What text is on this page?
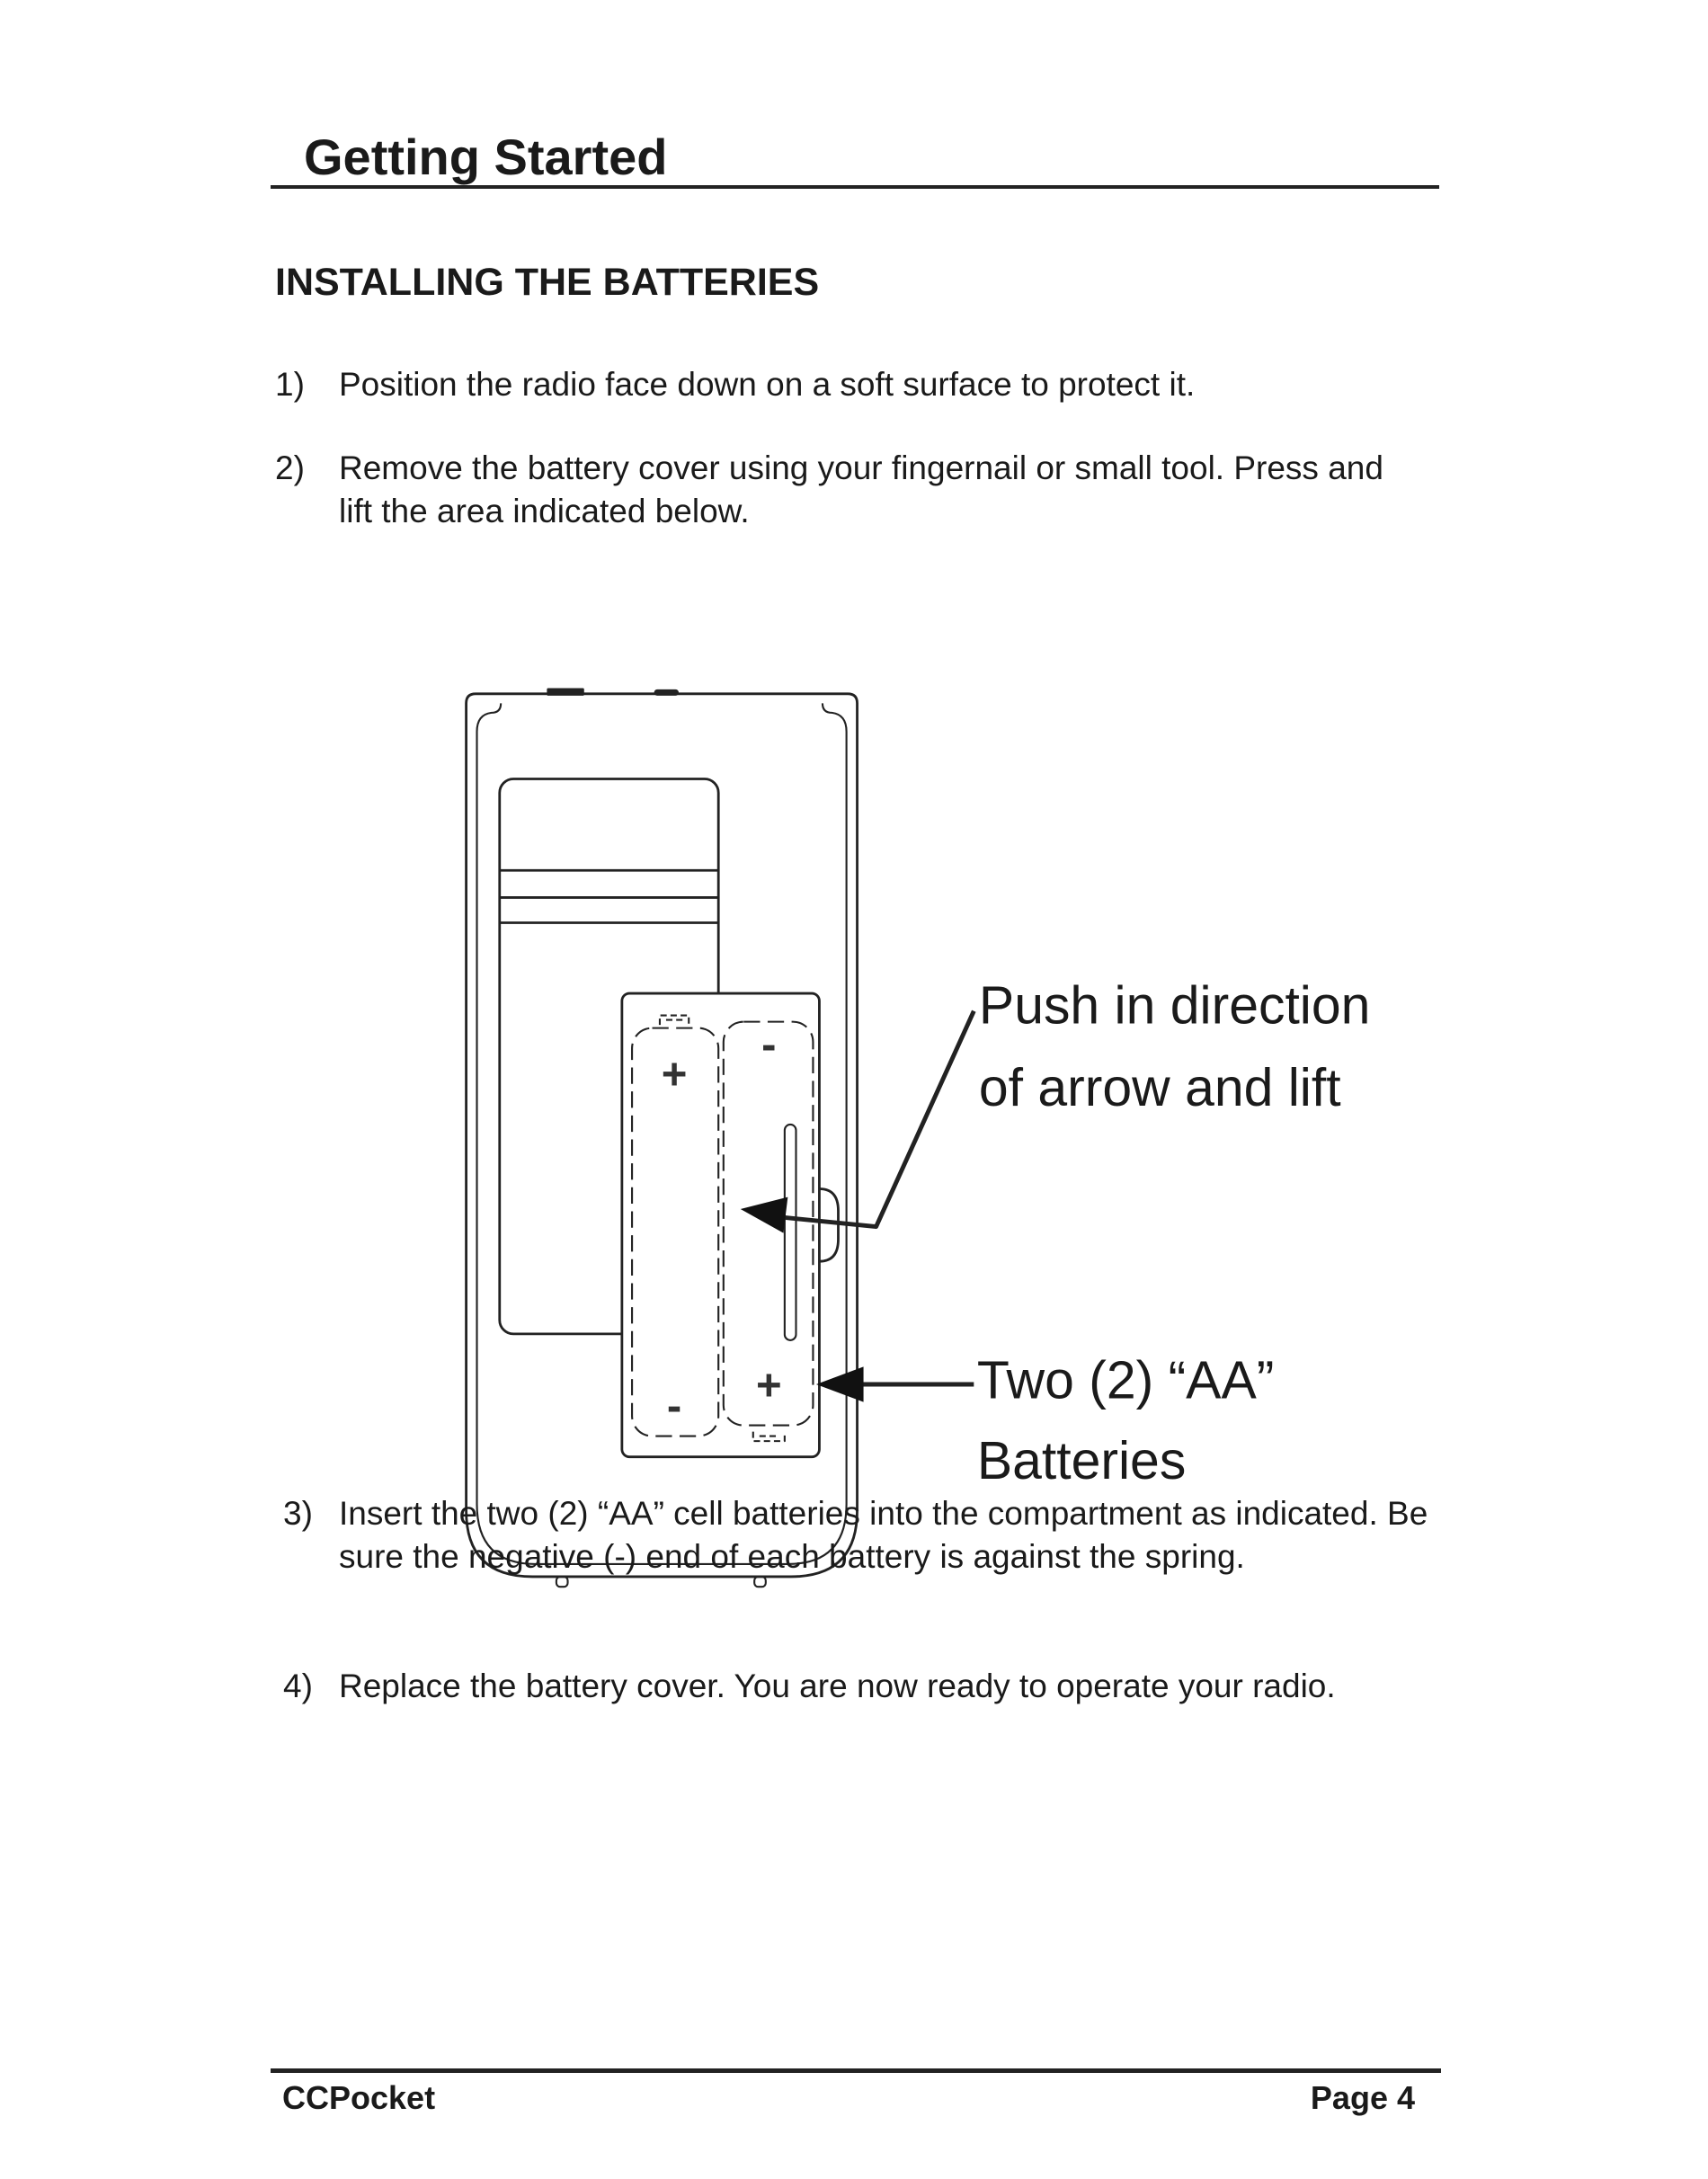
Getting Started
INSTALLING THE BATTERIES
1) Position the radio face down on a soft surface to protect it.
2) Remove the battery cover using your fingernail or small tool. Press and lift the area indicated below.
+
-
-
+
Push in direction
of arrow and lift
Two (2) “AA”
Batteries
3) Insert the two (2) “AA” cell batteries into the compartment as indicated. Be sure the negative (-) end of each battery is against the spring.
4) Replace the battery cover. You are now ready to operate your radio.
CCPocket	Page 4
